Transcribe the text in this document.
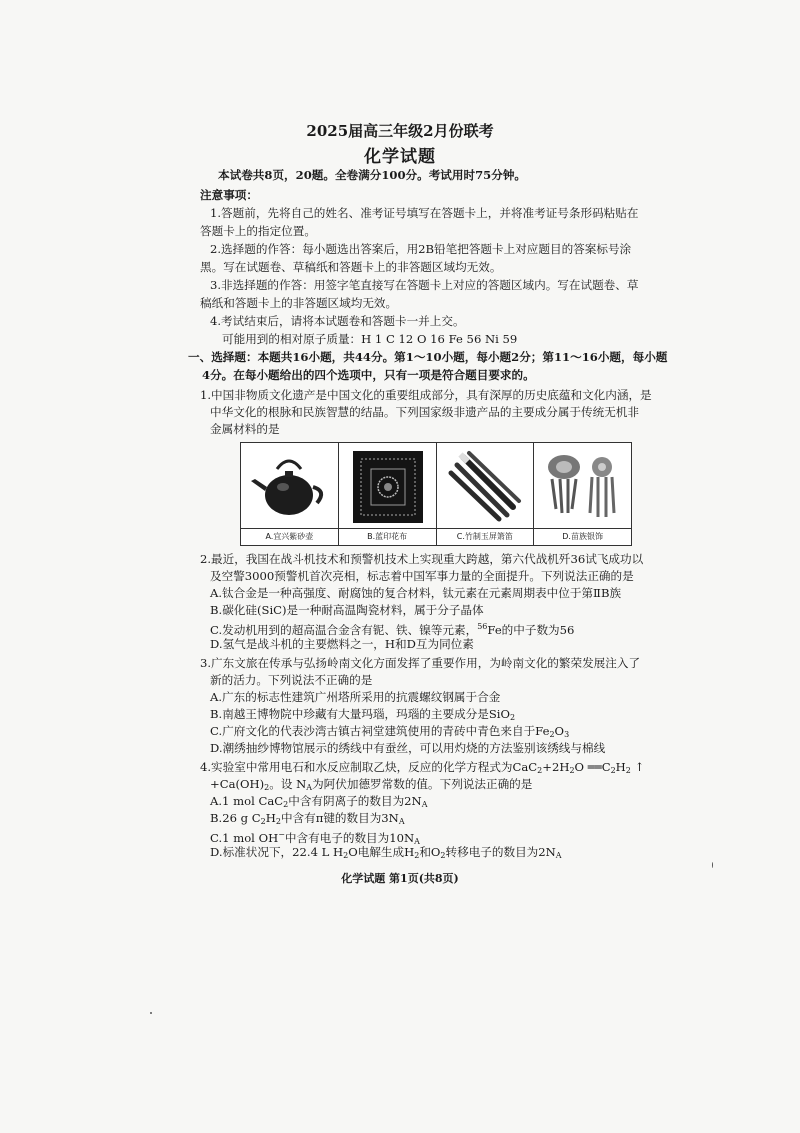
2025届高三年级2月份联考
化学试题
本试卷共8页，20题。全卷满分100分。考试用时75分钟。
注意事项：
1.答题前，先将自己的姓名、准考证号填写在答题卡上，并将准考证号条形码粘贴在
答题卡上的指定位置。
2.选择题的作答：每小题选出答案后，用2B铅笔把答题卡上对应题目的答案标号涂
黑。写在试题卷、草稿纸和答题卡上的非答题区域均无效。
3.非选择题的作答：用签字笔直接写在答题卡上对应的答题区域内。写在试题卷、草
稿纸和答题卡上的非答题区域均无效。
4.考试结束后，请将本试题卷和答题卡一并上交。
可能用到的相对原子质量：H 1 C 12 O 16 Fe 56 Ni 59
一、选择题：本题共16小题，共44分。第1～10小题，每小题2分；第11～16小题，每小题
4分。在每小题给出的四个选项中，只有一项是符合题目要求的。
1.中国非物质文化遗产是中国文化的重要组成部分，具有深厚的历史底蕴和文化内涵，是
中华文化的根脉和民族智慧的结晶。下列国家级非遗产品的主要成分属于传统无机非
金属材料的是
A.宜兴紫砂壶	B.蓝印花布	C.竹制玉屏箫笛	D.苗族银饰
2.最近，我国在战斗机技术和预警机技术上实现重大跨越，第六代战机歼36试飞成功以
及空警3000预警机首次亮相，标志着中国军事力量的全面提升。下列说法正确的是
A.钛合金是一种高强度、耐腐蚀的复合材料，钛元素在元素周期表中位于第ⅡB族
B.碳化硅(SiC)是一种耐高温陶瓷材料，属于分子晶体
C.发动机用到的超高温合金含有铌、铁、镍等元素，$^{56}$Fe的中子数为56
D.氢气是战斗机的主要燃料之一，H和D互为同位素
3.广东文旅在传承与弘扬岭南文化方面发挥了重要作用，为岭南文化的繁荣发展注入了
新的活力。下列说法不正确的是
A.广东的标志性建筑广州塔所采用的抗震螺纹钢属于合金
B.南越王博物院中珍藏有大量玛瑙，玛瑙的主要成分是SiO$_2$
C.广府文化的代表沙湾古镇古祠堂建筑使用的青砖中青色来自于$Fe_2O_3$
D.潮绣抽纱博物馆展示的绣线中有蚕丝，可以用灼烧的方法鉴别该绣线与棉线
4.实验室中常用电石和水反应制取乙炔，反应的化学方程式为$CaC_2+2H_2O$ $══C_2H_2$ ↑
$+Ca(OH)_2$。设 $N_A$为阿伏加德罗常数的值。下列说法正确的是
A.1 mol CaC$_2$中含有阴离子的数目为$2N_A$
B.26 g $C_2H_2$中含有π键的数目为$3N_A$
C.1 mol OH−中含有电子的数目为$10N_A$
D.标准状况下，22.4 L $H_2O$电解生成$H_2$和$O_2$转移电子的数目为$2N_A$
化学试题 第1页(共8页)
